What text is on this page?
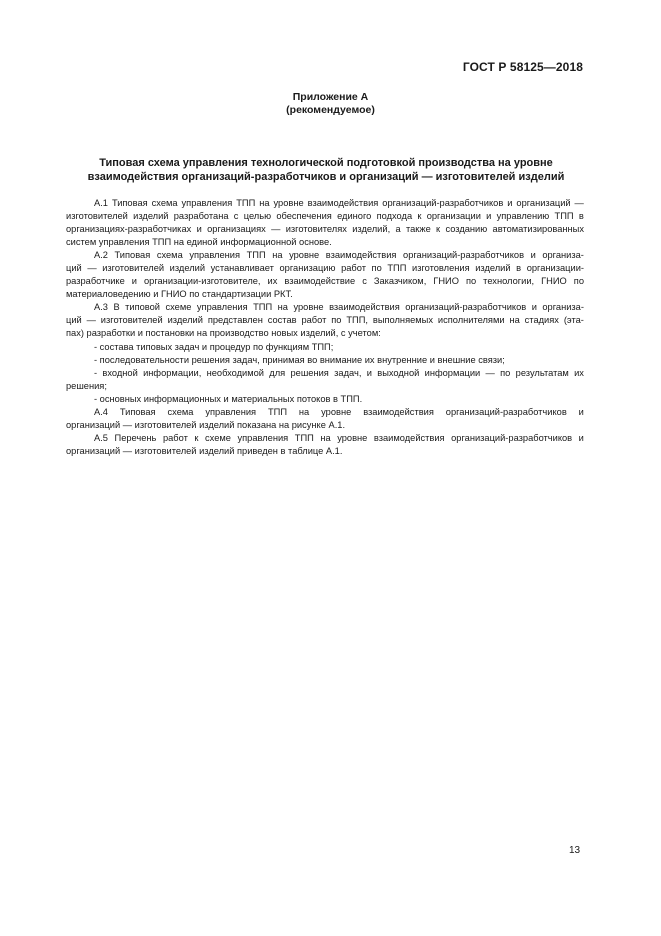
ГОСТ Р 58125—2018
Приложение А
(рекомендуемое)
Типовая схема управления технологической подготовкой производства на уровне
взаимодействия организаций-разработчиков и организаций — изготовителей изделий
А.1 Типовая схема управления ТПП на уровне взаимодействия организаций-разработчиков и организаций —
изготовителей изделий разработана с целью обеспечения единого подхода к организации и управлению ТПП в
организациях-разработчиках и организациях — изготовителях изделий, а также к созданию автоматизированных
систем управления ТПП на единой информационной основе.
А.2 Типовая схема управления ТПП на уровне взаимодействия организаций-разработчиков и организа-
ций — изготовителей изделий устанавливает организацию работ по ТПП изготовления изделий в организации-
разработчике и организации-изготовителе, их взаимодействие с Заказчиком, ГНИО по технологии, ГНИО по
материаловедению и ГНИО по стандартизации РКТ.
А.3 В типовой схеме управления ТПП на уровне взаимодействия организаций-разработчиков и организа-
ций — изготовителей изделий представлен состав работ по ТПП, выполняемых исполнителями на стадиях (эта-
пах) разработки и постановки на производство новых изделий, с учетом:
- состава типовых задач и процедур по функциям ТПП;
- последовательности решения задач, принимая во внимание их внутренние и внешние связи;
- входной информации, необходимой для решения задач, и выходной информации — по результатам их
решения;
- основных информационных и материальных потоков в ТПП.
А.4 Типовая схема управления ТПП на уровне взаимодействия организаций-разработчиков и
организаций — изготовителей изделий показана на рисунке А.1.
А.5 Перечень работ к схеме управления ТПП на уровне взаимодействия организаций-разработчиков и
организаций — изготовителей изделий приведен в таблице А.1.
13
